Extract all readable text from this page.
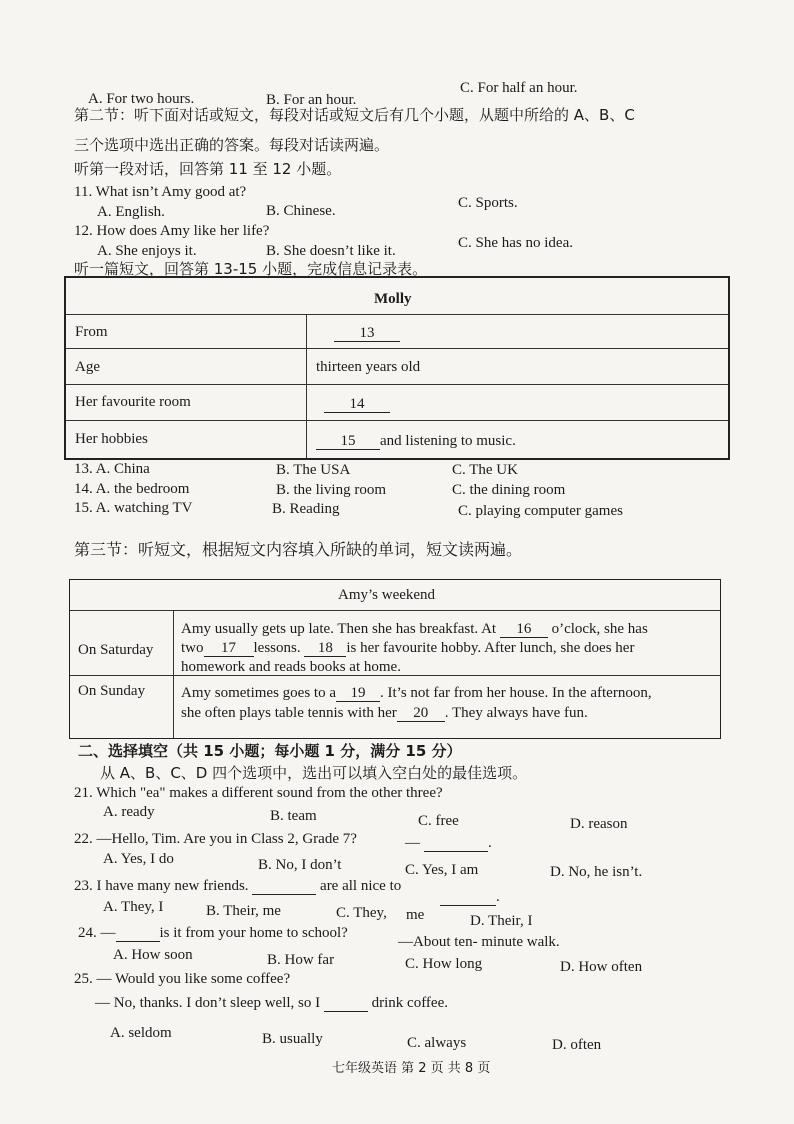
A. For two hours.	B. For an hour.
C. For half an hour.
第二节：听下面对话或短文，每段对话或短文后有几个小题，从题中所给的 A、B、C
三个选项中选出正确的答案。每段对话读两遍。
听第一段对话，回答第 11 至 12 小题。
11. What isn’t Amy good at?
A. English.	B. Chinese.	C. Sports.
12. How does Amy like her life?
A. She enjoys it.	B. She doesn’t like it.	C. She has no idea.
听一篇短文，回答第 13-15 小题，完成信息记录表。
Molly
From	13
Age	thirteen years old
Her favourite room	14
Her hobbies	15 and listening to music.
13. A. China	B. The USA	C. The UK
14. A. the bedroom	B. the living room	C. the dining room
15. A. watching TV	B. Reading	C. playing computer games
第三节：听短文，根据短文内容填入所缺的单词，短文读两遍。
Amy’s weekend
On Saturday
Amy usually gets up late. Then she has breakfast. At 16 o’clock, she has
two 17 lessons. 18 is her favourite hobby. After lunch, she does her
homework and reads books at home.
On Sunday Amy sometimes goes to a 19 . It’s not far from her house. In the afternoon,
she often plays table tennis with her 20 . They always have fun.
二、选择填空（共 15 小题；每小题 1 分，满分 15 分）
从 A、B、C、D 四个选项中，选出可以填入空白处的最佳选项。
21. Which "ea" makes a different sound from the other three?
A. ready	B. team	C. free	D. reason
22. —Hello, Tim. Are you in Class 2, Grade 7?	—	.
A. Yes, I do	B. No, I don’t	C. Yes, I am	D. No, he isn’t.
23. I have many new friends.	are all nice to
.
A. They, I	B. Their, me	C. They, me	D. Their, I
24. —	is it from your home to school?
—About ten- minute walk.
A. How soon	B. How far	C. How long	D. How often
25. — Would you like some coffee?
— No, thanks. I don’t sleep well, so I	drink coffee.
A. seldom	B. usually	C. always	D. often
七年级英语 第 2 页 共 8 页
